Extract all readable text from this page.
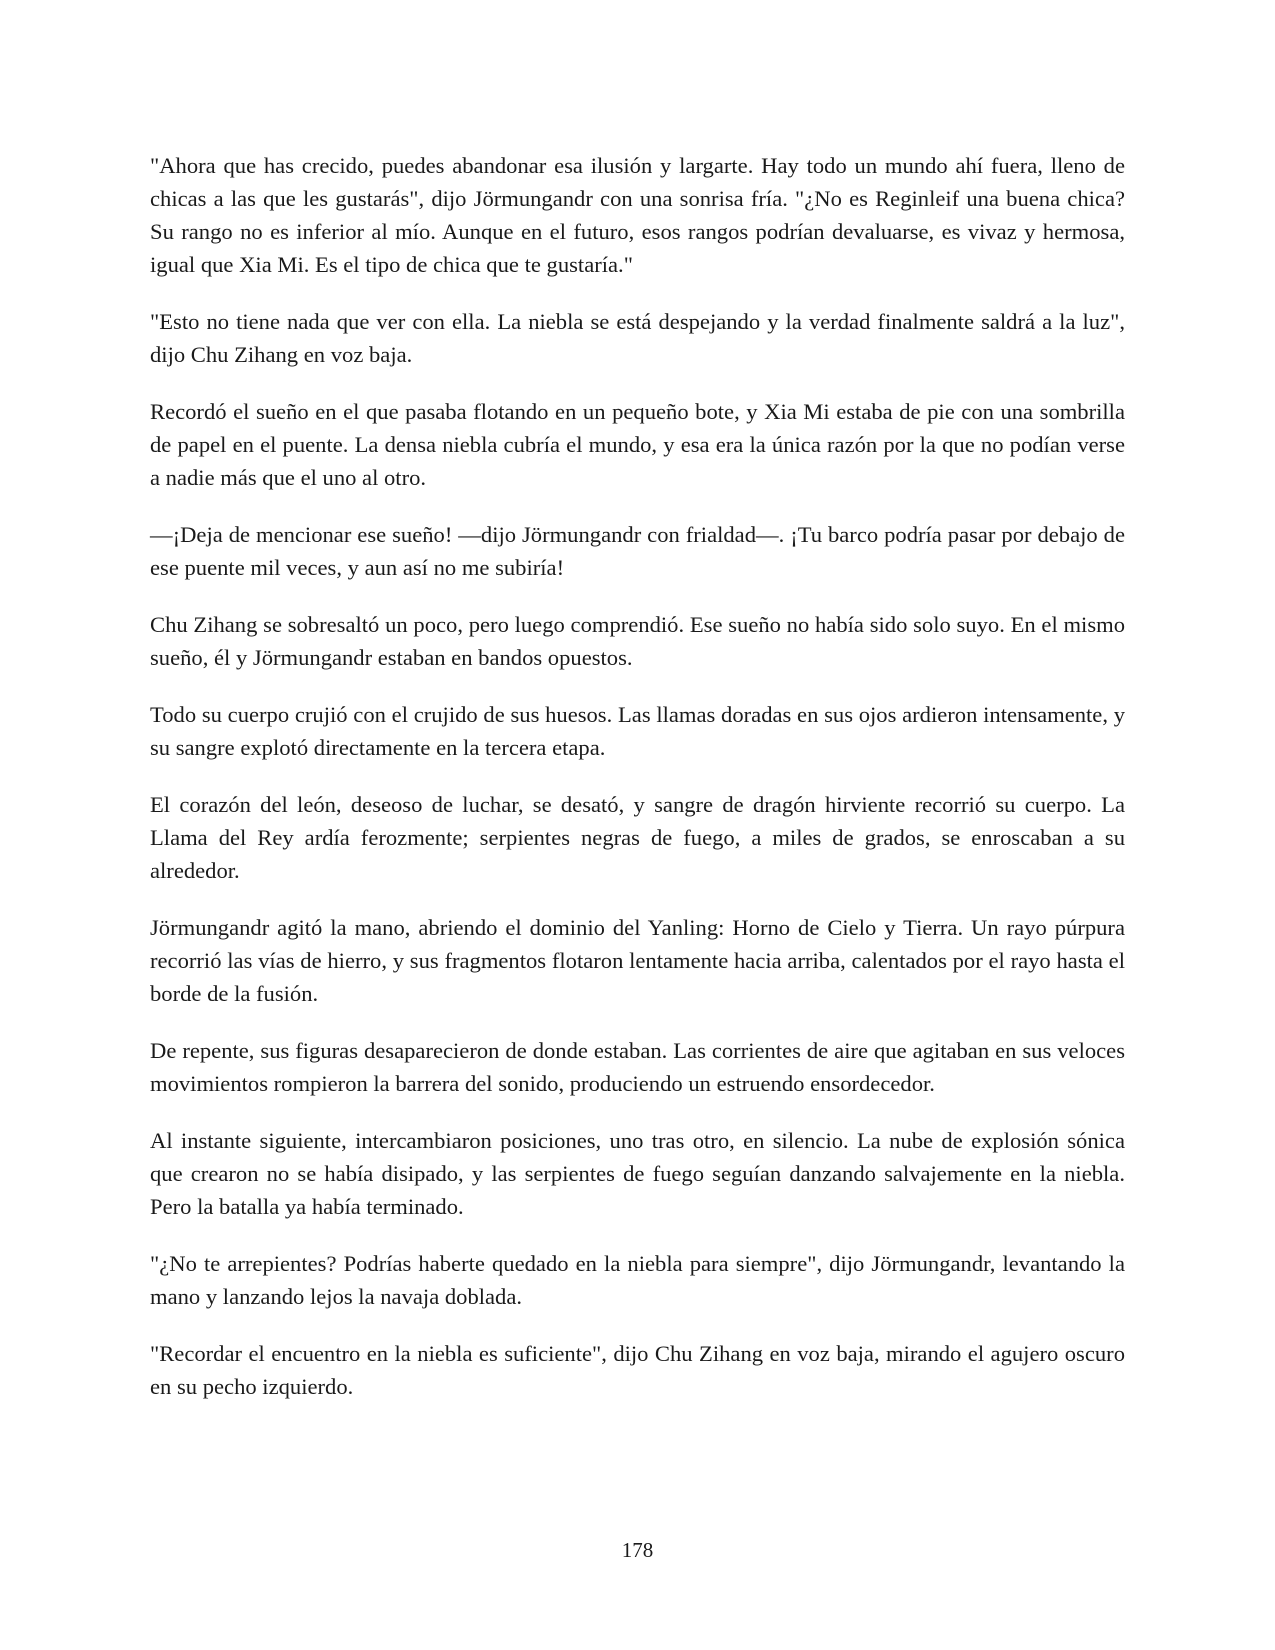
"Ahora que has crecido, puedes abandonar esa ilusión y largarte. Hay todo un mundo ahí fuera, lleno de chicas a las que les gustarás", dijo Jörmungandr con una sonrisa fría. "¿No es Reginleif una buena chica? Su rango no es inferior al mío. Aunque en el futuro, esos rangos podrían devaluarse, es vivaz y hermosa, igual que Xia Mi. Es el tipo de chica que te gustaría."

"Esto no tiene nada que ver con ella. La niebla se está despejando y la verdad finalmente saldrá a la luz", dijo Chu Zihang en voz baja.

Recordó el sueño en el que pasaba flotando en un pequeño bote, y Xia Mi estaba de pie con una sombrilla de papel en el puente. La densa niebla cubría el mundo, y esa era la única razón por la que no podían verse a nadie más que el uno al otro.

—¡Deja de mencionar ese sueño! —dijo Jörmungandr con frialdad—. ¡Tu barco podría pasar por debajo de ese puente mil veces, y aun así no me subiría!

Chu Zihang se sobresaltó un poco, pero luego comprendió. Ese sueño no había sido solo suyo. En el mismo sueño, él y Jörmungandr estaban en bandos opuestos.

Todo su cuerpo crujió con el crujido de sus huesos. Las llamas doradas en sus ojos ardieron intensamente, y su sangre explotó directamente en la tercera etapa.

El corazón del león, deseoso de luchar, se desató, y sangre de dragón hirviente recorrió su cuerpo. La Llama del Rey ardía ferozmente; serpientes negras de fuego, a miles de grados, se enroscaban a su alrededor.

Jörmungandr agitó la mano, abriendo el dominio del Yanling: Horno de Cielo y Tierra. Un rayo púrpura recorrió las vías de hierro, y sus fragmentos flotaron lentamente hacia arriba, calentados por el rayo hasta el borde de la fusión.

De repente, sus figuras desaparecieron de donde estaban. Las corrientes de aire que agitaban en sus veloces movimientos rompieron la barrera del sonido, produciendo un estruendo ensordecedor.

Al instante siguiente, intercambiaron posiciones, uno tras otro, en silencio. La nube de explosión sónica que crearon no se había disipado, y las serpientes de fuego seguían danzando salvajemente en la niebla. Pero la batalla ya había terminado.

"¿No te arrepientes? Podrías haberte quedado en la niebla para siempre", dijo Jörmungandr, levantando la mano y lanzando lejos la navaja doblada.

"Recordar el encuentro en la niebla es suficiente", dijo Chu Zihang en voz baja, mirando el agujero oscuro en su pecho izquierdo.

178
